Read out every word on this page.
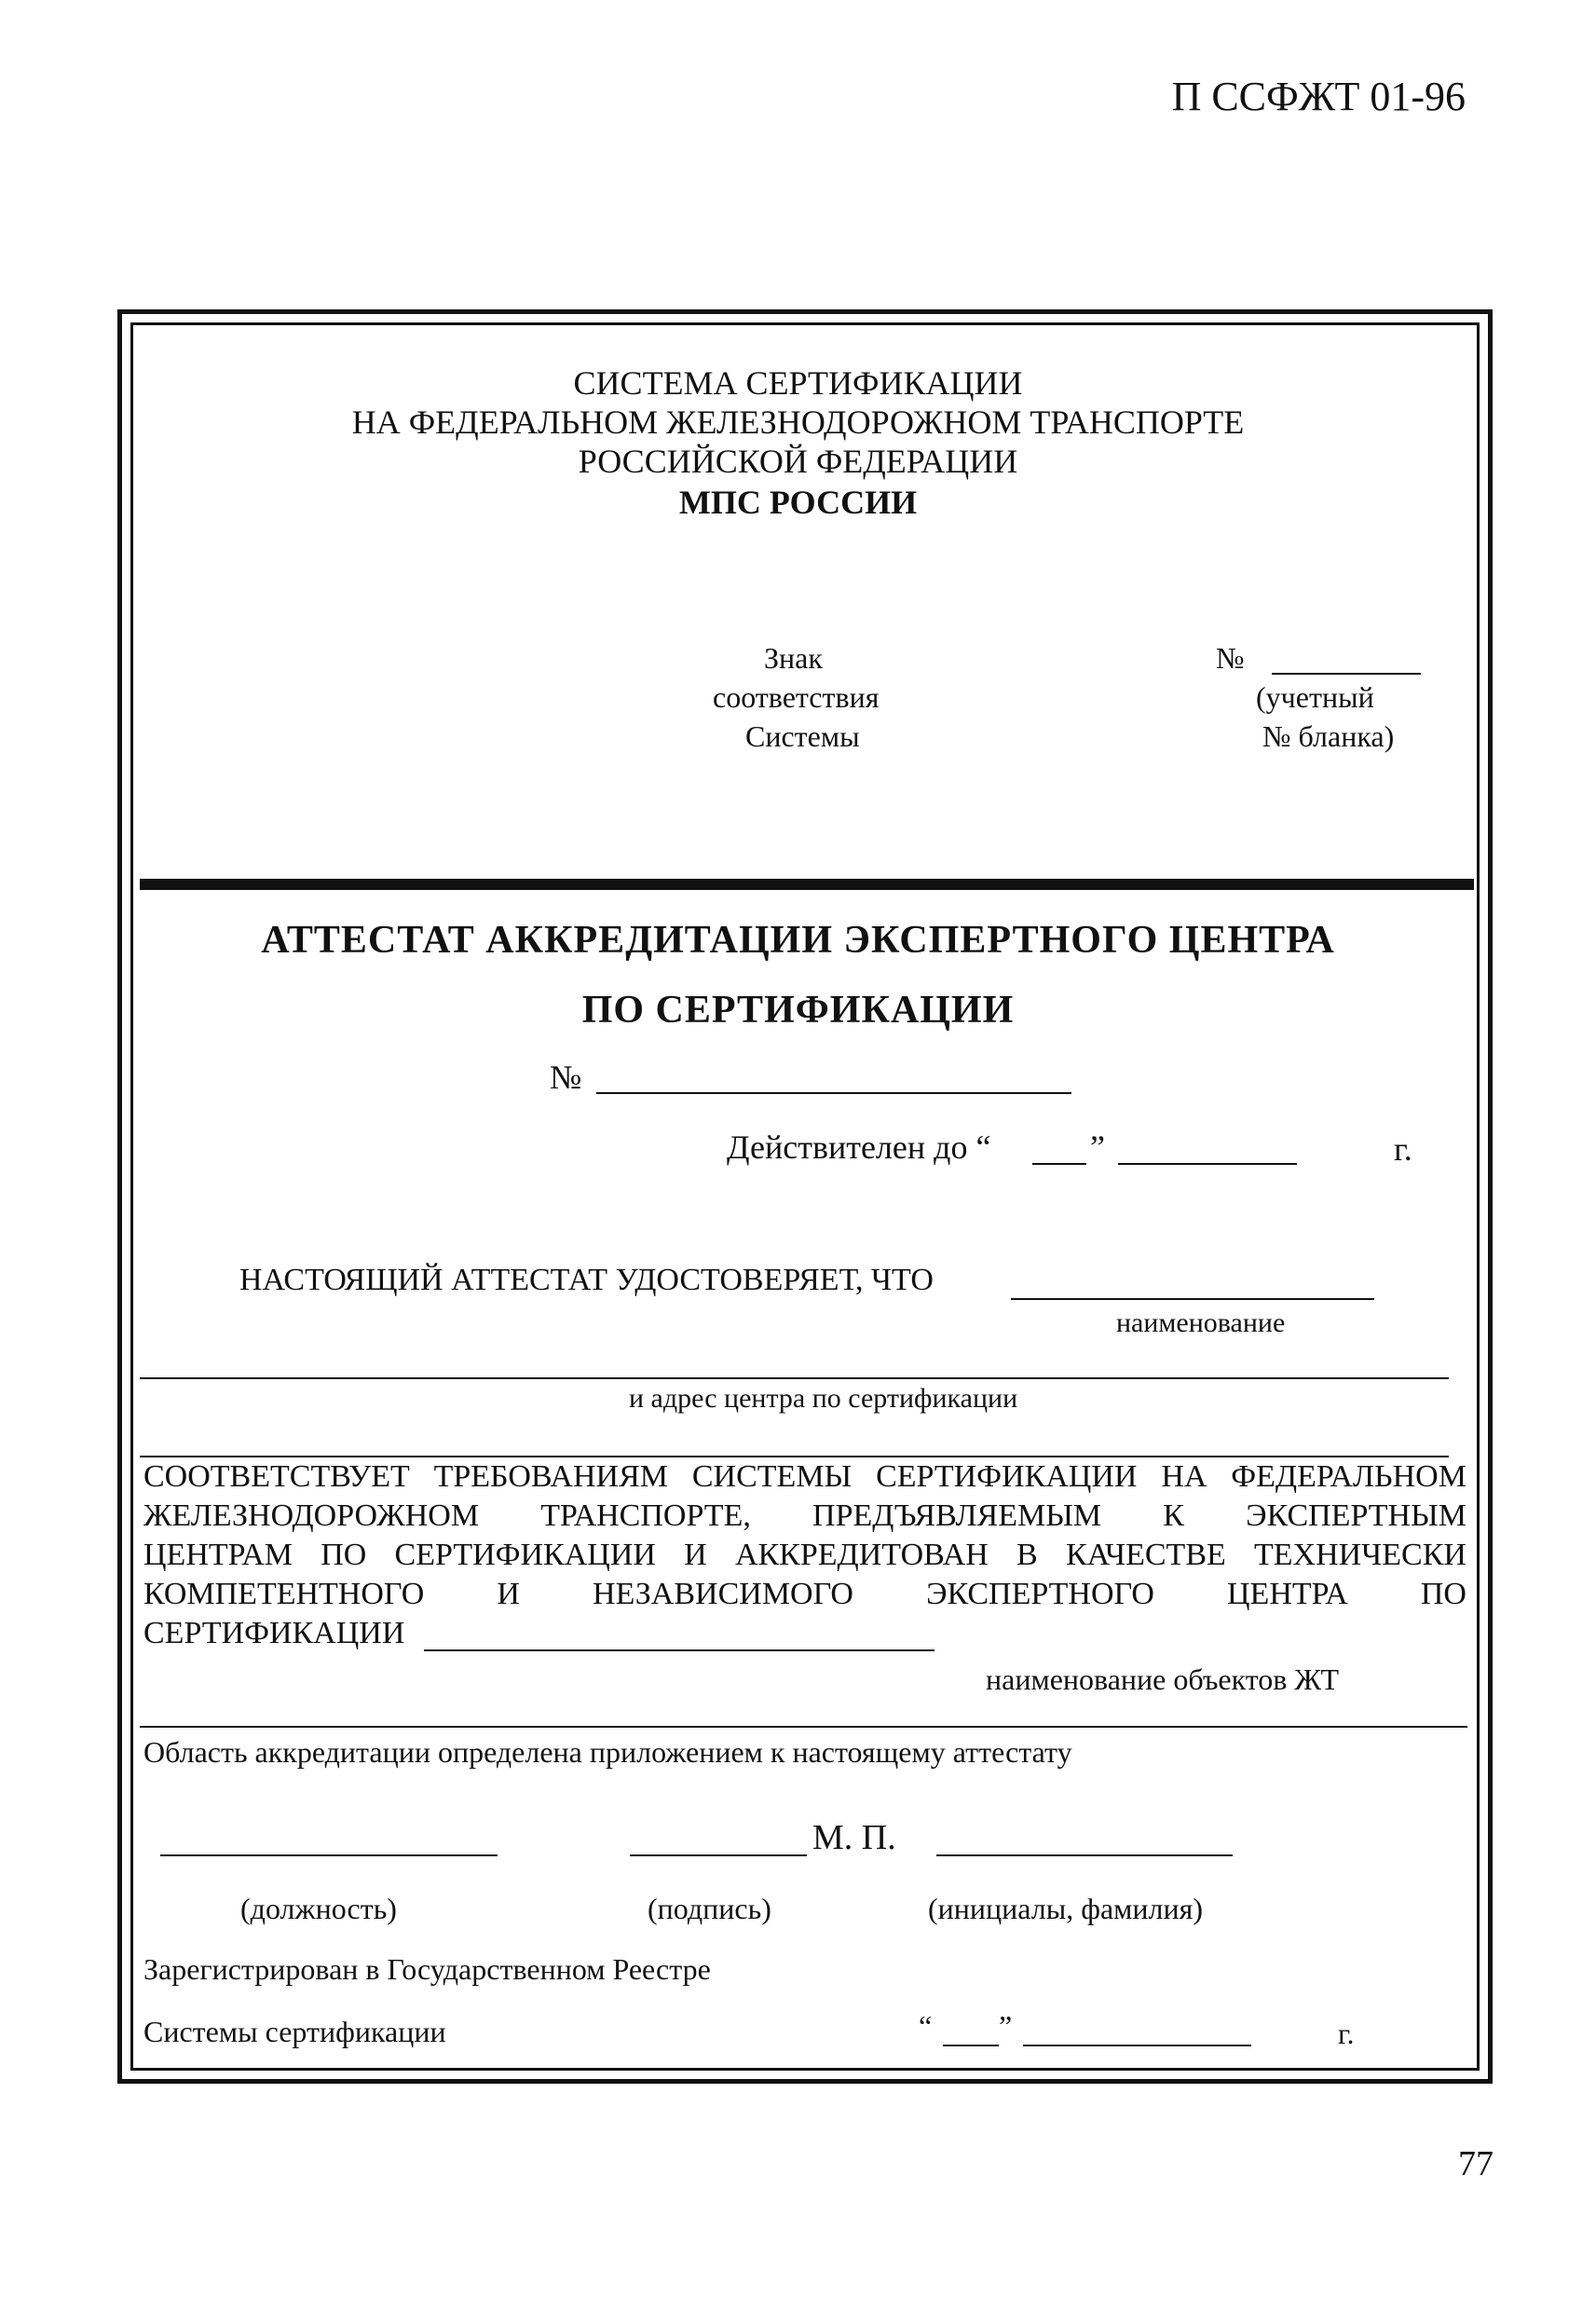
П ССФЖТ 01-96
77
СИСТЕМА СЕРТИФИКАЦИИ
НА ФЕДЕРАЛЬНОМ ЖЕЛЕЗНОДОРОЖНОМ ТРАНСПОРТЕ
РОССИЙСКОЙ ФЕДЕРАЦИИ
МПС РОССИИ
Знак
соответствия
Системы
№
(учетный
№ бланка)
АТТЕСТАТ АККРЕДИТАЦИИ ЭКСПЕРТНОГО ЦЕНТРА
ПО СЕРТИФИКАЦИИ
№
Действителен до “	”	г.
НАСТОЯЩИЙ АТТЕСТАТ УДОСТОВЕРЯЕТ, ЧТО
наименование
и адрес центра по сертификации
СООТВЕТСТВУЕТ ТРЕБОВАНИЯМ СИСТЕМЫ СЕРТИФИКАЦИИ НА ФЕДЕРАЛЬНОМ
ЖЕЛЕЗНОДОРОЖНОМ ТРАНСПОРТЕ, ПРЕДЪЯВЛЯЕМЫМ К ЭКСПЕРТНЫМ
ЦЕНТРАМ ПО СЕРТИФИКАЦИИ И АККРЕДИТОВАН В КАЧЕСТВЕ ТЕХНИЧЕСКИ
КОМПЕТЕНТНОГО И НЕЗАВИСИМОГО ЭКСПЕРТНОГО ЦЕНТРА ПО
СЕРТИФИКАЦИИ
наименование объектов ЖТ
Область аккредитации определена приложением к настоящему аттестату
М. П.
(должность)	(подпись)	(инициалы, фамилия)
Зарегистрирован в Государственном Реестре
Системы сертификации	“ ”	г.
